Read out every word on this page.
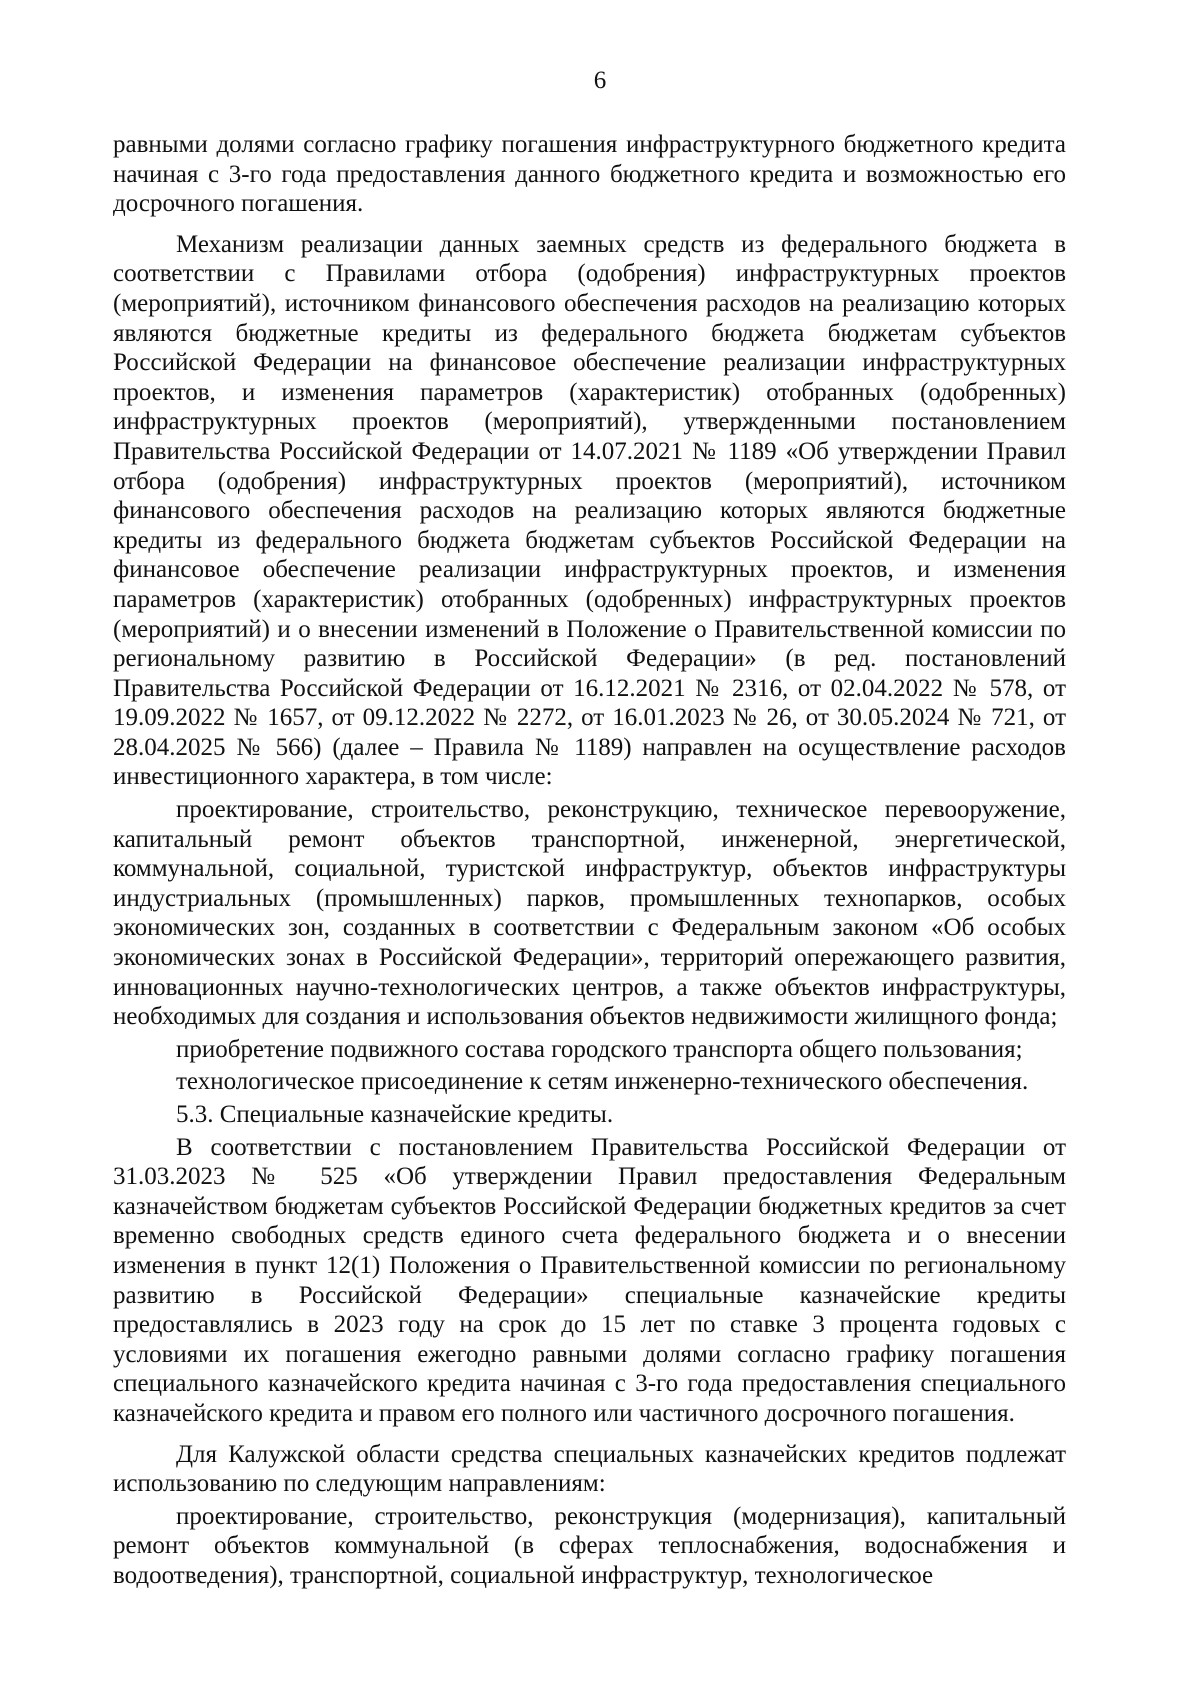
6

равными долями согласно графику погашения инфраструктурного бюджетного кредита начиная с 3-го года предоставления данного бюджетного кредита и возможностью его досрочного погашения.

Механизм реализации данных заемных средств из федерального бюджета в соответствии с Правилами отбора (одобрения) инфраструктурных проектов (мероприятий), источником финансового обеспечения расходов на реализацию которых являются бюджетные кредиты из федерального бюджета бюджетам субъектов Российской Федерации на финансовое обеспечение реализации инфраструктурных проектов, и изменения параметров (характеристик) отобранных (одобренных) инфраструктурных проектов (мероприятий), утвержденными постановлением Правительства Российской Федерации от 14.07.2021 № 1189 «Об утверждении Правил отбора (одобрения) инфраструктурных проектов (мероприятий), источником финансового обеспечения расходов на реализацию которых являются бюджетные кредиты из федерального бюджета бюджетам субъектов Российской Федерации на финансовое обеспечение реализации инфраструктурных проектов, и изменения параметров (характеристик) отобранных (одобренных) инфраструктурных проектов (мероприятий) и о внесении изменений в Положение о Правительственной комиссии по региональному развитию в Российской Федерации» (в ред. постановлений Правительства Российской Федерации от 16.12.2021 № 2316, от 02.04.2022 № 578, от 19.09.2022 № 1657, от 09.12.2022 № 2272, от 16.01.2023 № 26, от 30.05.2024 № 721, от 28.04.2025 № 566) (далее – Правила № 1189) направлен на осуществление расходов инвестиционного характера, в том числе:

проектирование, строительство, реконструкцию, техническое перевооружение, капитальный ремонт объектов транспортной, инженерной, энергетической, коммунальной, социальной, туристской инфраструктур, объектов инфраструктуры индустриальных (промышленных) парков, промышленных технопарков, особых экономических зон, созданных в соответствии с Федеральным законом «Об особых экономических зонах в Российской Федерации», территорий опережающего развития, инновационных научно-технологических центров, а также объектов инфраструктуры, необходимых для создания и использования объектов недвижимости жилищного фонда;

приобретение подвижного состава городского транспорта общего пользования;

технологическое присоединение к сетям инженерно-технического обеспечения.

5.3. Специальные казначейские кредиты.

В соответствии с постановлением Правительства Российской Федерации от 31.03.2023 № 525 «Об утверждении Правил предоставления Федеральным казначейством бюджетам субъектов Российской Федерации бюджетных кредитов за счет временно свободных средств единого счета федерального бюджета и о внесении изменения в пункт 12(1) Положения о Правительственной комиссии по региональному развитию в Российской Федерации» специальные казначейские кредиты предоставлялись в 2023 году на срок до 15 лет по ставке 3 процента годовых с условиями их погашения ежегодно равными долями согласно графику погашения специального казначейского кредита начиная с 3-го года предоставления специального казначейского кредита и правом его полного или частичного досрочного погашения.

Для Калужской области средства специальных казначейских кредитов подлежат использованию по следующим направлениям:

проектирование, строительство, реконструкция (модернизация), капитальный ремонт объектов коммунальной (в сферах теплоснабжения, водоснабжения и водоотведения), транспортной, социальной инфраструктур, технологическое
